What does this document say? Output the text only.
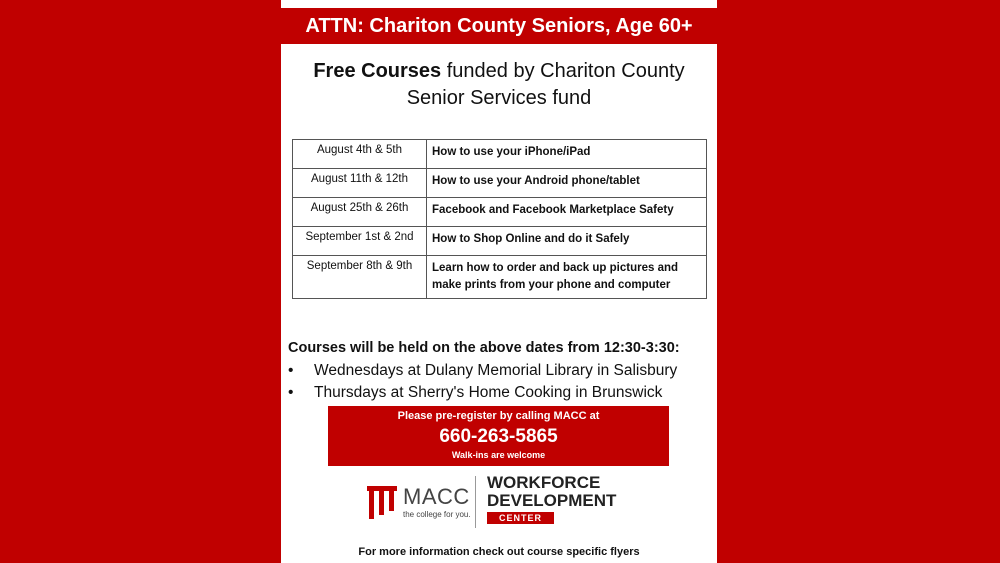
ATTN: Chariton County Seniors, Age 60+
Free Courses funded by Chariton County
Senior Services fund
August 4th & 5th	How to use your iPhone/iPad
August 11th & 12th	How to use your Android phone/tablet
August 25th & 26th	Facebook and Facebook Marketplace Safety
September 1st & 2nd	How to Shop Online and do it Safely
September 8th & 9th	Learn how to order and back up pictures and make prints from your phone and computer
Courses will be held on the above dates from 12:30-3:30:
• Wednesdays at Dulany Memorial Library in Salisbury
• Thursdays at Sherry's Home Cooking in Brunswick
Please pre-register by calling MACC at
660-263-5865
Walk-ins are welcome
MACC
the college for you.
WORKFORCE
DEVELOPMENT
CENTER
For more information check out course specific flyers
